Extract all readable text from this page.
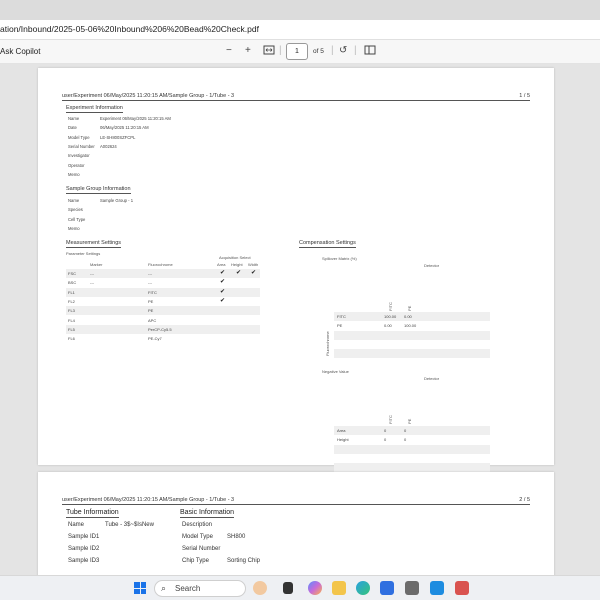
ation/Inbound/2025-05-06%20Inbound%206%20Bead%20Check.pdf
Ask Copilot	− +	|	1	of 5 | ↺ |
user/Experiment 06/May/2025 11:20:15 AM/Sample Group - 1/Tube - 3	1 / 5
Experiment Information
Name	Experiment 06/May/2025 11:20:15 AM
Date	06/May/2025 11:20:15 AM
Model Type LE-SH800SZFCPL
Serial Number A002624
Investigator
Operator
Memo
Sample Group Information
Name	Sample Group - 1
Species
Cell Type
Memo
Measurement Settings
Parameter Settings
Acquisition Select
Marker	Fluorochrome	Area Height Width
FSC	---	---	✔ ✔ ✔
BSC	---	---	✔
FL1	FITC	✔
FL2	PE	✔
FL3	PE
FL4	APC
FL5	PerCP-Cy5.5
FL6	PE-Cy7
Compensation Settings
Spillover Matrix (%)
Detector
FITC	PE
Fluorochrome
FITC	100.00 0.00
PE	0.00	100.00
Negative Value
Detector
FITC	PE
Area	0	0
Height	0	0
user/Experiment 06/May/2025 11:20:15 AM/Sample Group - 1/Tube - 3	2 / 5
Tube Information	Basic Information
Name	Tube - 3$~$IsNew
Sample ID1
Sample ID2
Sample ID3
Description
Model Type SH800
Serial Number
Chip Type	Sorting Chip
⌕ Search
